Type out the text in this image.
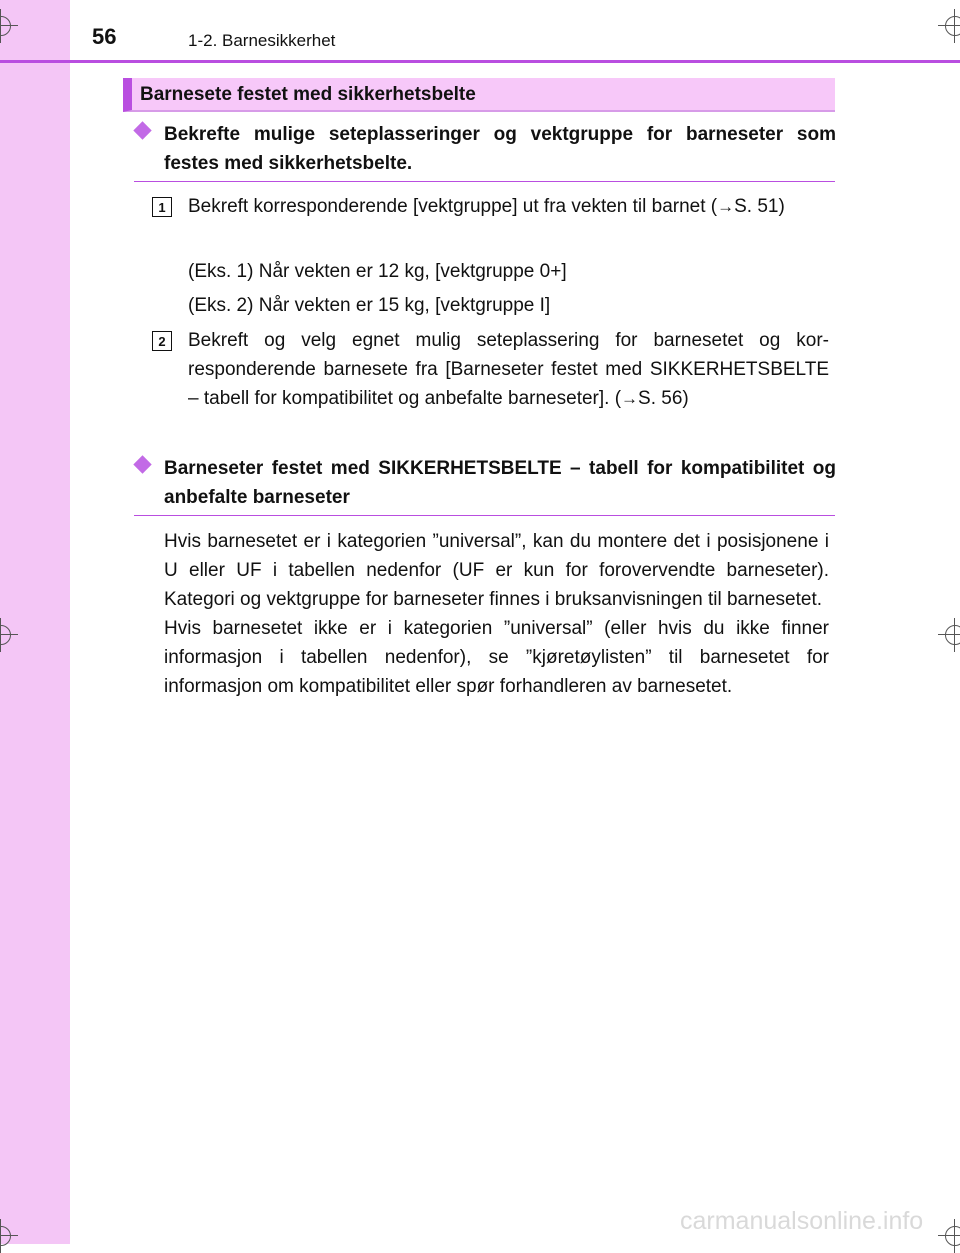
56	1-2. Barnesikkerhet
Barnesete festet med sikkerhetsbelte
Bekrefte mulige seteplasseringer og vektgruppe for barneseter som festes med sikkerhetsbelte.
1	Bekreft korresponderende [vektgruppe] ut fra vekten til barnet (→S. 51)
(Eks. 1) Når vekten er 12 kg, [vektgruppe 0+]
(Eks. 2) Når vekten er 15 kg, [vektgruppe I]
2	Bekreft og velg egnet mulig seteplassering for barnesetet og korresponderende barnesete fra [Barneseter festet med SIKKERHETSBELTE – tabell for kompatibilitet og anbefalte barneseter]. (→S. 56)
Barneseter festet med SIKKERHETSBELTE – tabell for kompatibilitet og anbefalte barneseter
Hvis barnesetet er i kategorien ”universal”, kan du montere det i posisjonene i U eller UF i tabellen nedenfor (UF er kun for forovervendte barneseter). Kategori og vektgruppe for barneseter finnes i bruksanvisningen til barnesetet.
Hvis barnesetet ikke er i kategorien ”universal” (eller hvis du ikke finner informasjon i tabellen nedenfor), se ”kjøretøylisten” til barnesetet for informasjon om kompatibilitet eller spør forhandleren av barnesetet.
carmanualsonline.info
